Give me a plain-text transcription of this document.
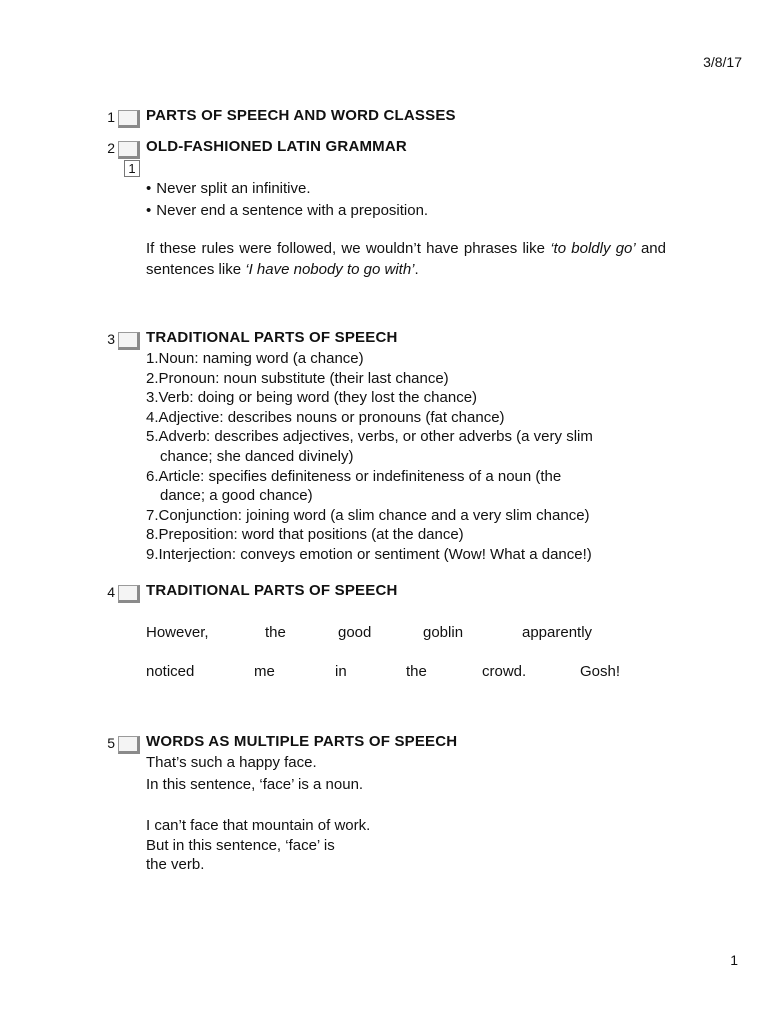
3/8/17
1
1 PARTS OF SPEECH AND WORD CLASSES
2 OLD-FASHIONED LATIN GRAMMAR
1
• Never split an infinitive.
• Never end a sentence with a preposition.

If these rules were followed, we wouldn’t have phrases like ‘to boldly go’ and sentences like ‘I have nobody to go with’.

3 TRADITIONAL PARTS OF SPEECH
1.Noun: naming word (a chance)
2.Pronoun: noun substitute (their last chance)
3.Verb: doing or being word (they lost the chance)
4.Adjective: describes nouns or pronouns (fat chance)
5.Adverb: describes adjectives, verbs, or other adverbs (a very slim
chance; she danced divinely)
6.Article: specifies definiteness or indefiniteness of a noun (the
dance; a good chance)
7.Conjunction: joining word (a slim chance and a very slim chance)
8.Preposition: word that positions (at the dance)
9.Interjection: conveys emotion or sentiment (Wow! What a dance!)
4 TRADITIONAL PARTS OF SPEECH
However,	the	good	goblin	apparently
noticed	me	in	the	crowd.	Gosh!
5 WORDS AS MULTIPLE PARTS OF SPEECH
That’s such a happy face.
In this sentence, ‘face’ is a noun.
I can’t face that mountain of work.
But in this sentence, ‘face’ is
the verb.
